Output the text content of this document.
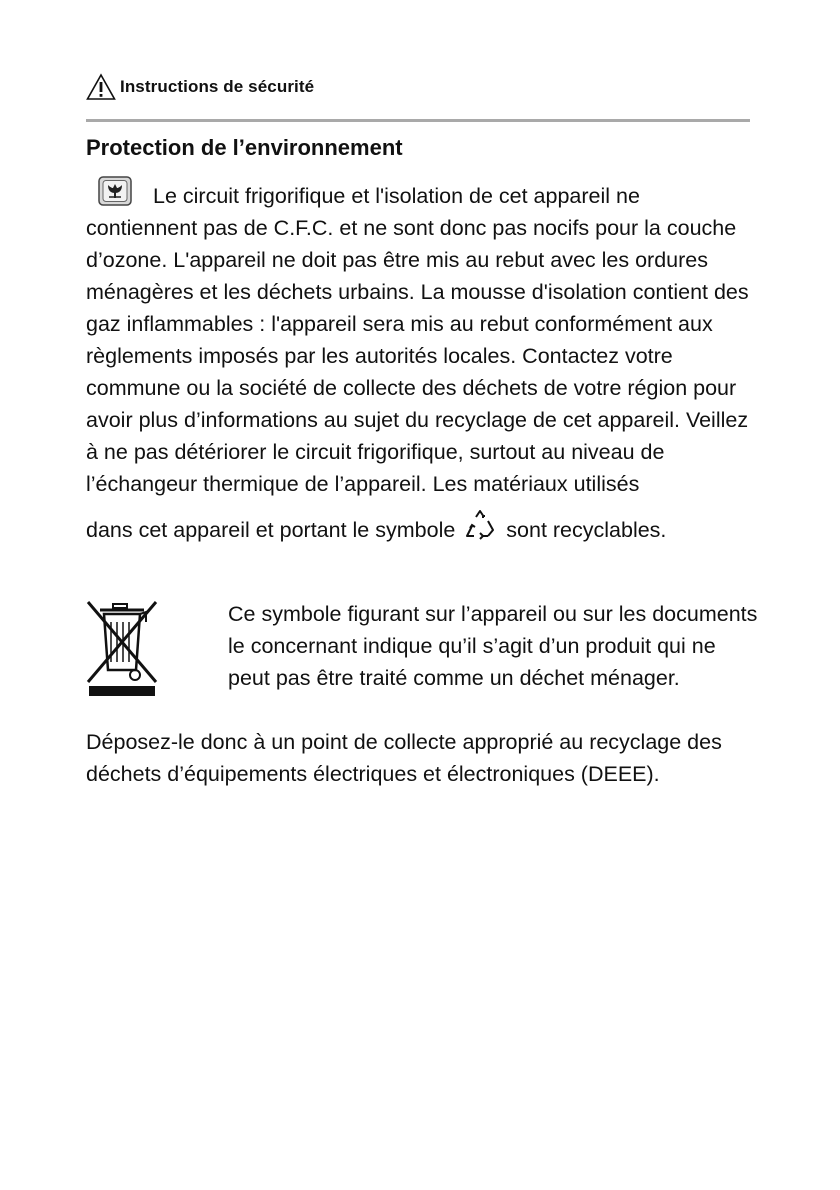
Instructions de sécurité
Protection de l’environnement
Le circuit frigorifique et l'isolation de cet appareil ne contiennent pas de C.F.C. et ne sont donc pas nocifs pour la couche d’ozone. L'appareil ne doit pas être mis au rebut avec les ordures ménagères et les déchets urbains. La mousse d'isolation contient des gaz inflammables : l'appareil sera mis au rebut conformément aux règlements imposés par les autorités locales. Contactez votre commune ou la société de collecte des déchets de votre région pour avoir plus d’informations au sujet du recyclage de cet appareil. Veillez à ne pas détériorer le circuit frigorifique, surtout au niveau de l’échangeur thermique de l’appareil. Les matériaux utilisés
dans cet appareil et portant le symbole sont recyclables.
Ce symbole figurant sur l’appareil ou sur les documents le concernant indique qu’il s’agit d’un produit qui ne peut pas être traité comme un déchet ménager.
Déposez-le donc à un point de collecte approprié au recyclage des déchets d’équipements électriques et électroniques (DEEE).
